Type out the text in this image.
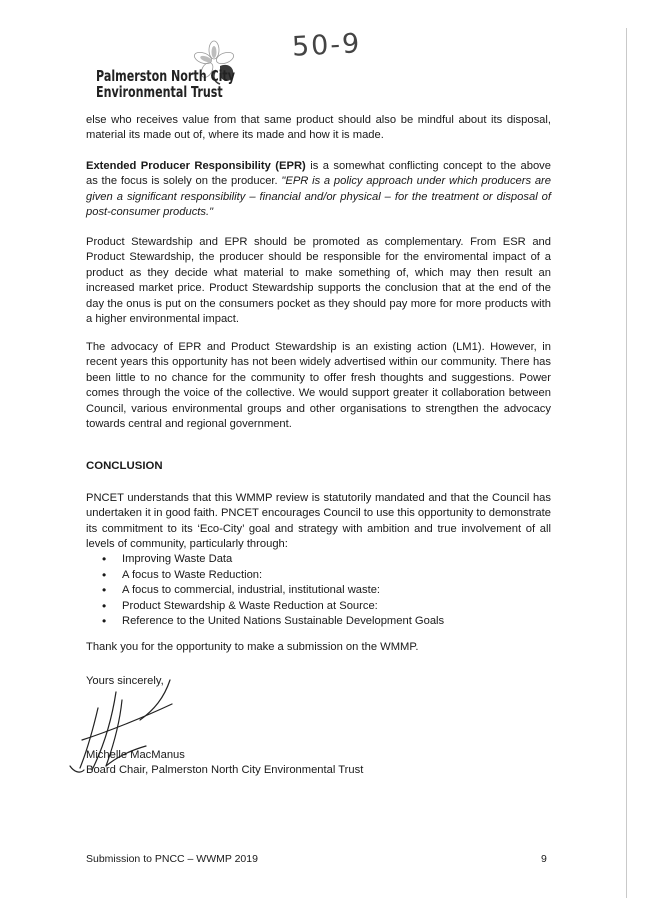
Palmerston North City
Environmental Trust
50-9
else who receives value from that same product should also be mindful about its disposal, material its made out of, where its made and how it is made.
Extended Producer Responsibility (EPR) is a somewhat conflicting concept to the above as the focus is solely on the producer. "EPR is a policy approach under which producers are given a significant responsibility – financial and/or physical – for the treatment or disposal of post-consumer products."
Product Stewardship and EPR should be promoted as complementary. From ESR and Product Stewardship, the producer should be responsible for the enviromental impact of a product as they decide what material to make something of, which may then result an increased market price. Product Stewardship supports the conclusion that at the end of the day the onus is put on the consumers pocket as they should pay more for more products with a higher environmental impact.
The advocacy of EPR and Product Stewardship is an existing action (LM1). However, in recent years this opportunity has not been widely advertised within our community. There has been little to no chance for the community to offer fresh thoughts and suggestions. Power comes through the voice of the collective. We would support greater it collaboration between Council, various environmental groups and other organisations to strengthen the advocacy towards central and regional government.
CONCLUSION
PNCET understands that this WMMP review is statutorily mandated and that the Council has undertaken it in good faith. PNCET encourages Council to use this opportunity to demonstrate its commitment to its ‘Eco-City’ goal and strategy with ambition and true involvement of all levels of community, particularly through:
• Improving Waste Data
• A focus to Waste Reduction:
• A focus to commercial, industrial, institutional waste:
• Product Stewardship & Waste Reduction at Source:
• Reference to the United Nations Sustainable Development Goals
Thank you for the opportunity to make a submission on the WMMP.
Yours sincerely,
Michelle MacManus
Board Chair, Palmerston North City Environmental Trust
Submission to PNCC – WWMP 2019	9
